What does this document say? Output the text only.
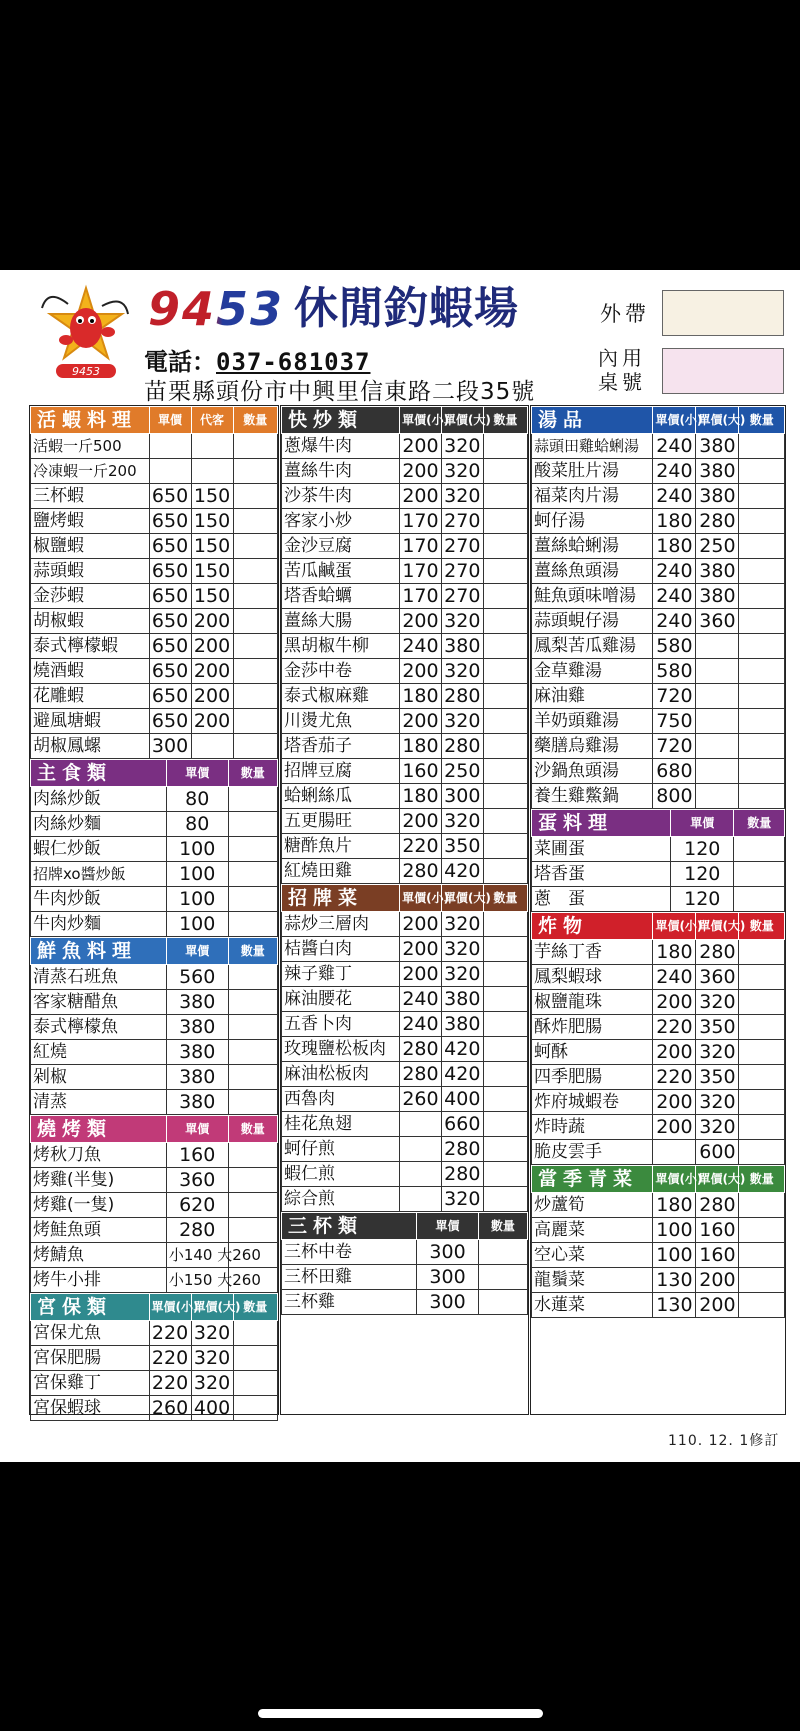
9453
9453 休閒釣蝦場
電話：037-681037
苗栗縣頭份市中興里信東路二段35號
外帶
內用桌號
活蝦料理	單價	代客	數量
活蝦一斤500			
冷凍蝦一斤200			
三杯蝦	650	150	
鹽烤蝦	650	150	
椒鹽蝦	650	150	
蒜頭蝦	650	150	
金莎蝦	650	150	
胡椒蝦	650	200	
泰式檸檬蝦	650	200	
燒酒蝦	650	200	
花雕蝦	650	200	
避風塘蝦	650	200	
胡椒鳳螺	300		
主食類	單價	數量
肉絲炒飯	80	
肉絲炒麵	80	
蝦仁炒飯	100	
招牌xo醬炒飯	100	
牛肉炒飯	100	
牛肉炒麵	100	
鮮魚料理	單價	數量
清蒸石班魚	560	
客家糖醋魚	380	
泰式檸檬魚	380	
紅燒	380	
剁椒	380	
清蒸	380	
燒烤類	單價	數量
烤秋刀魚	160	
烤雞(半隻)	360	
烤雞(一隻)	620	
烤鮭魚頭	280	
烤鯖魚	小140 大260	
烤牛小排	小150 大260	
宮保類	單價(小)	單價(大)	數量
宮保尤魚	220	320	
宮保肥腸	220	320	
宮保雞丁	220	320	
宮保蝦球	260	400	
快炒類	單價(小)	單價(大)	數量
蔥爆牛肉	200	320	
薑絲牛肉	200	320	
沙茶牛肉	200	320	
客家小炒	170	270	
金沙豆腐	170	270	
苦瓜鹹蛋	170	270	
塔香蛤蠣	170	270	
薑絲大腸	200	320	
黑胡椒牛柳	240	380	
金莎中卷	200	320	
泰式椒麻雞	180	280	
川燙尤魚	200	320	
塔香茄子	180	280	
招牌豆腐	160	250	
蛤蜊絲瓜	180	300	
五更腸旺	200	320	
糖酢魚片	220	350	
紅燒田雞	280	420	
招牌菜	單價(小)	單價(大)	數量
蒜炒三層肉	200	320	
桔醬白肉	200	320	
辣子雞丁	200	320	
麻油腰花	240	380	
五香卜肉	240	380	
玫瑰鹽松板肉	280	420	
麻油松板肉	280	420	
西魯肉	260	400	
桂花魚翅		660	
蚵仔煎		280	
蝦仁煎		280	
綜合煎		320	
三杯類	單價	數量
三杯中卷	300	
三杯田雞	300	
三杯雞	300	
湯品	單價(小)	單價(大)	數量
蒜頭田雞蛤蜊湯	240	380	
酸菜肚片湯	240	380	
福菜肉片湯	240	380	
蚵仔湯	180	280	
薑絲蛤蜊湯	180	250	
薑絲魚頭湯	240	380	
鮭魚頭味噌湯	240	380	
蒜頭蜆仔湯	240	360	
鳳梨苦瓜雞湯	580		
金草雞湯	580		
麻油雞	720		
羊奶頭雞湯	750		
藥膳烏雞湯	720		
沙鍋魚頭湯	680		
養生雞鱉鍋	800		
蛋料理	單價	數量
菜圃蛋	120	
塔香蛋	120	
蔥　蛋	120	
炸物	單價(小)	單價(大)	數量
芋絲丁香	180	280	
鳳梨蝦球	240	360	
椒鹽龍珠	200	320	
酥炸肥腸	220	350	
蚵酥	200	320	
四季肥腸	220	350	
炸府城蝦卷	200	320	
炸時蔬	200	320	
脆皮雲手		600	
當季青菜	單價(小)	單價(大)	數量
炒蘆筍	180	280	
高麗菜	100	160	
空心菜	100	160	
龍鬚菜	130	200	
水蓮菜	130	200	
110. 12. 1修訂
